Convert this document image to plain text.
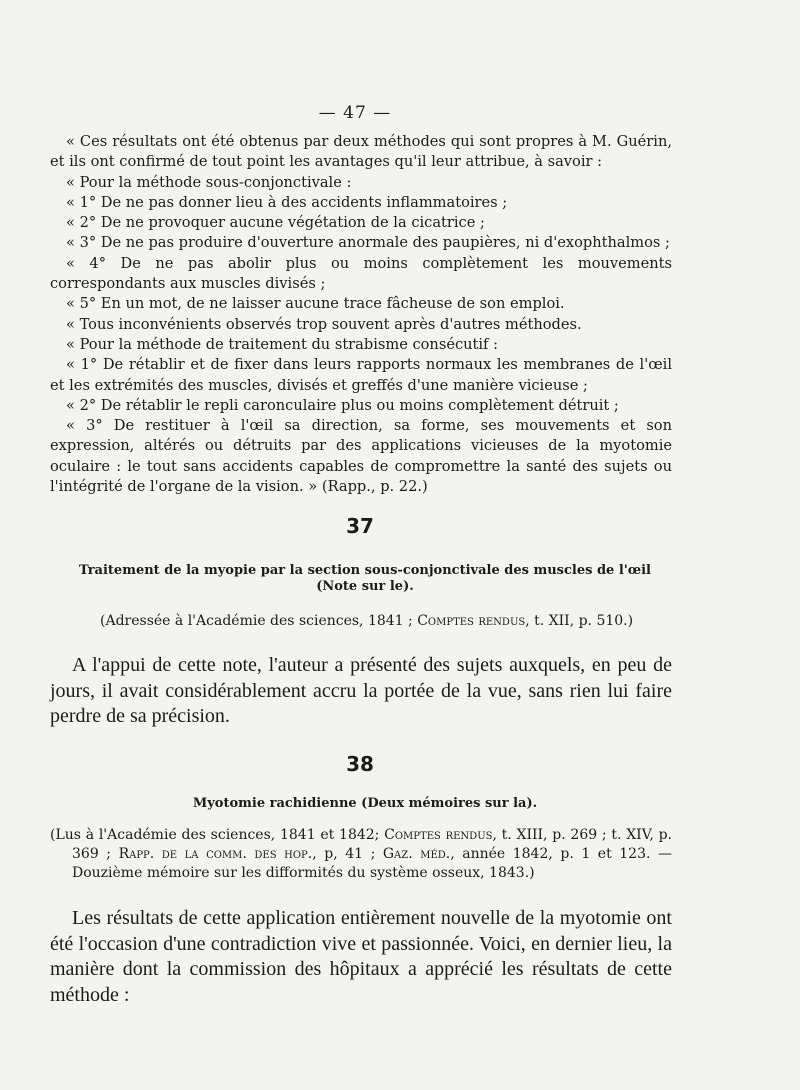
— 47 —

« Ces résultats ont été obtenus par deux méthodes qui sont propres à M. Guérin, et ils ont confirmé de tout point les avantages qu'il leur attribue, à savoir :

« Pour la méthode sous-conjonctivale :

« 1° De ne pas donner lieu à des accidents inflammatoires ;

« 2° De ne provoquer aucune végétation de la cicatrice ;

« 3° De ne pas produire d'ouverture anormale des paupières, ni d'exophthalmos ;

« 4° De ne pas abolir plus ou moins complètement les mouvements correspondants aux muscles divisés ;

« 5° En un mot, de ne laisser aucune trace fâcheuse de son emploi.

« Tous inconvénients observés trop souvent après d'autres méthodes.

« Pour la méthode de traitement du strabisme consécutif :

« 1° De rétablir et de fixer dans leurs rapports normaux les membranes de l'œil et les extrémités des muscles, divisés et greffés d'une manière vicieuse ;

« 2° De rétablir le repli caronculaire plus ou moins complètement détruit ;

« 3° De restituer à l'œil sa direction, sa forme, ses mouvements et son expression, altérés ou détruits par des applications vicieuses de la myotomie oculaire : le tout sans accidents capables de compromettre la santé des sujets ou l'intégrité de l'organe de la vision. » (Rapp., p. 22.)

37
Traitement de la myopie par la section sous-conjonctivale des muscles de l'œil (Note sur le).
(Adressée à l'Académie des sciences, 1841 ; Comptes rendus, t. XII, p. 510.)
A l'appui de cette note, l'auteur a présenté des sujets auxquels, en peu de jours, il avait considérablement accru la portée de la vue, sans rien lui faire perdre de sa précision.
38
Myotomie rachidienne (Deux mémoires sur la).
(Lus à l'Académie des sciences, 1841 et 1842; Comptes rendus, t. XIII, p. 269 ; t. XIV, p. 369 ; Rapp. de la comm. des hop., p, 41 ; Gaz. méd., année 1842, p. 1 et 123. — Douzième mémoire sur les difformités du système osseux, 1843.)
Les résultats de cette application entièrement nouvelle de la myotomie ont été l'occasion d'une contradiction vive et passionnée. Voici, en dernier lieu, la manière dont la commission des hôpitaux a apprécié les résultats de cette méthode :
